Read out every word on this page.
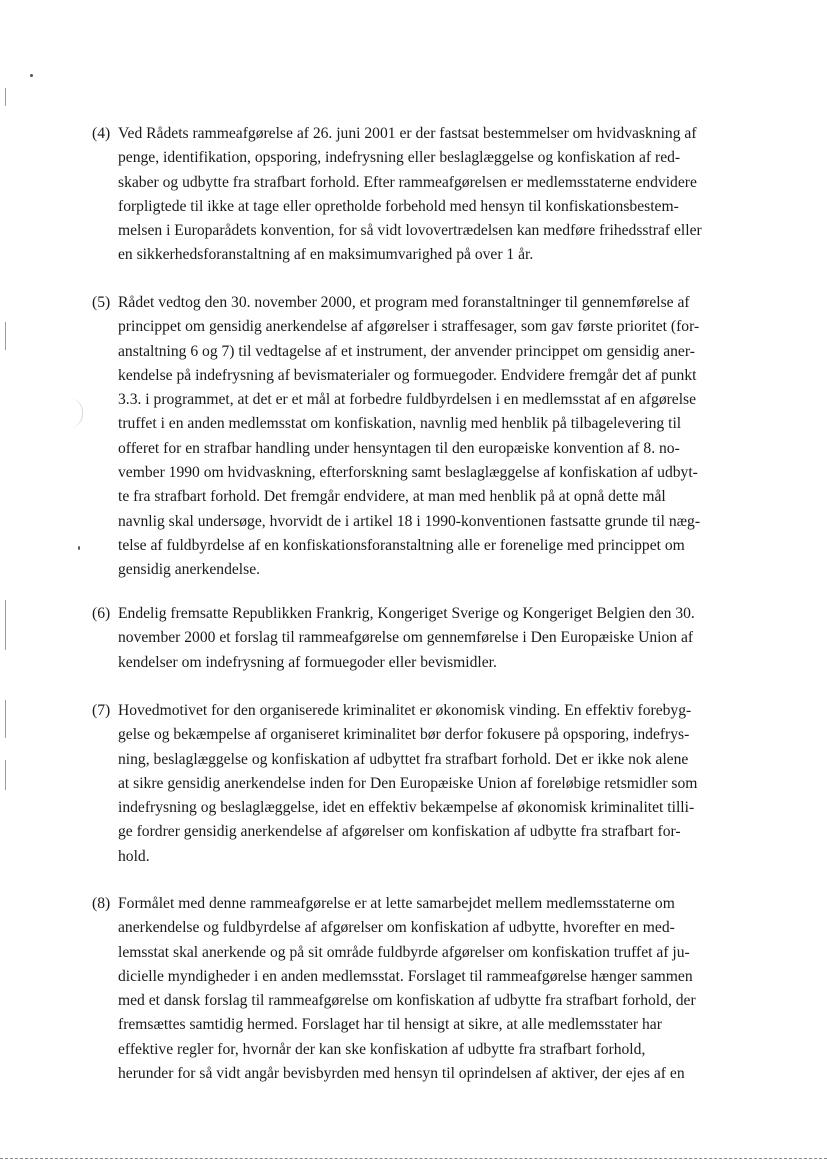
(4) Ved Rådets rammeafgørelse af 26. juni 2001 er der fastsat bestemmelser om hvidvaskning af
penge, identifikation, opsporing, indefrysning eller beslaglæggelse og konfiskation af red-
skaber og udbytte fra strafbart forhold. Efter rammeafgørelsen er medlemsstaterne endvidere
forpligtede til ikke at tage eller opretholde forbehold med hensyn til konfiskationsbestem-
melsen i Europarådets konvention, for så vidt lovovertrædelsen kan medføre frihedsstraf eller
en sikkerhedsforanstaltning af en maksimumvarighed på over 1 år.
(5) Rådet vedtog den 30. november 2000, et program med foranstaltninger til gennemførelse af
princippet om gensidig anerkendelse af afgørelser i straffesager, som gav første prioritet (for-
anstaltning 6 og 7) til vedtagelse af et instrument, der anvender princippet om gensidig aner-
kendelse på indefrysning af bevismaterialer og formuegoder. Endvidere fremgår det af punkt
3.3. i programmet, at det er et mål at forbedre fuldbyrdelsen i en medlemsstat af en afgørelse
truffet i en anden medlemsstat om konfiskation, navnlig med henblik på tilbagelevering til
offeret for en strafbar handling under hensyntagen til den europæiske konvention af 8. no-
vember 1990 om hvidvaskning, efterforskning samt beslaglæggelse af konfiskation af udbyt-
te fra strafbart forhold. Det fremgår endvidere, at man med henblik på at opnå dette mål
navnlig skal undersøge, hvorvidt de i artikel 18 i 1990-konventionen fastsatte grunde til næg-
telse af fuldbyrdelse af en konfiskationsforanstaltning alle er forenelige med princippet om
gensidig anerkendelse.
(6) Endelig fremsatte Republikken Frankrig, Kongeriget Sverige og Kongeriget Belgien den 30.
november 2000 et forslag til rammeafgørelse om gennemførelse i Den Europæiske Union af
kendelser om indefrysning af formuegoder eller bevismidler.
(7) Hovedmotivet for den organiserede kriminalitet er økonomisk vinding. En effektiv forebyg-
gelse og bekæmpelse af organiseret kriminalitet bør derfor fokusere på opsporing, indefrys-
ning, beslaglæggelse og konfiskation af udbyttet fra strafbart forhold. Det er ikke nok alene
at sikre gensidig anerkendelse inden for Den Europæiske Union af foreløbige retsmidler som
indefrysning og beslaglæggelse, idet en effektiv bekæmpelse af økonomisk kriminalitet tilli-
ge fordrer gensidig anerkendelse af afgørelser om konfiskation af udbytte fra strafbart for-
hold.
(8) Formålet med denne rammeafgørelse er at lette samarbejdet mellem medlemsstaterne om
anerkendelse og fuldbyrdelse af afgørelser om konfiskation af udbytte, hvorefter en med-
lemsstat skal anerkende og på sit område fuldbyrde afgørelser om konfiskation truffet af ju-
dicielle myndigheder i en anden medlemsstat. Forslaget til rammeafgørelse hænger sammen
med et dansk forslag til rammeafgørelse om konfiskation af udbytte fra strafbart forhold, der
fremsættes samtidig hermed. Forslaget har til hensigt at sikre, at alle medlemsstater har
effektive regler for, hvornår der kan ske konfiskation af udbytte fra strafbart forhold,
herunder for så vidt angår bevisbyrden med hensyn til oprindelsen af aktiver, der ejes af en
